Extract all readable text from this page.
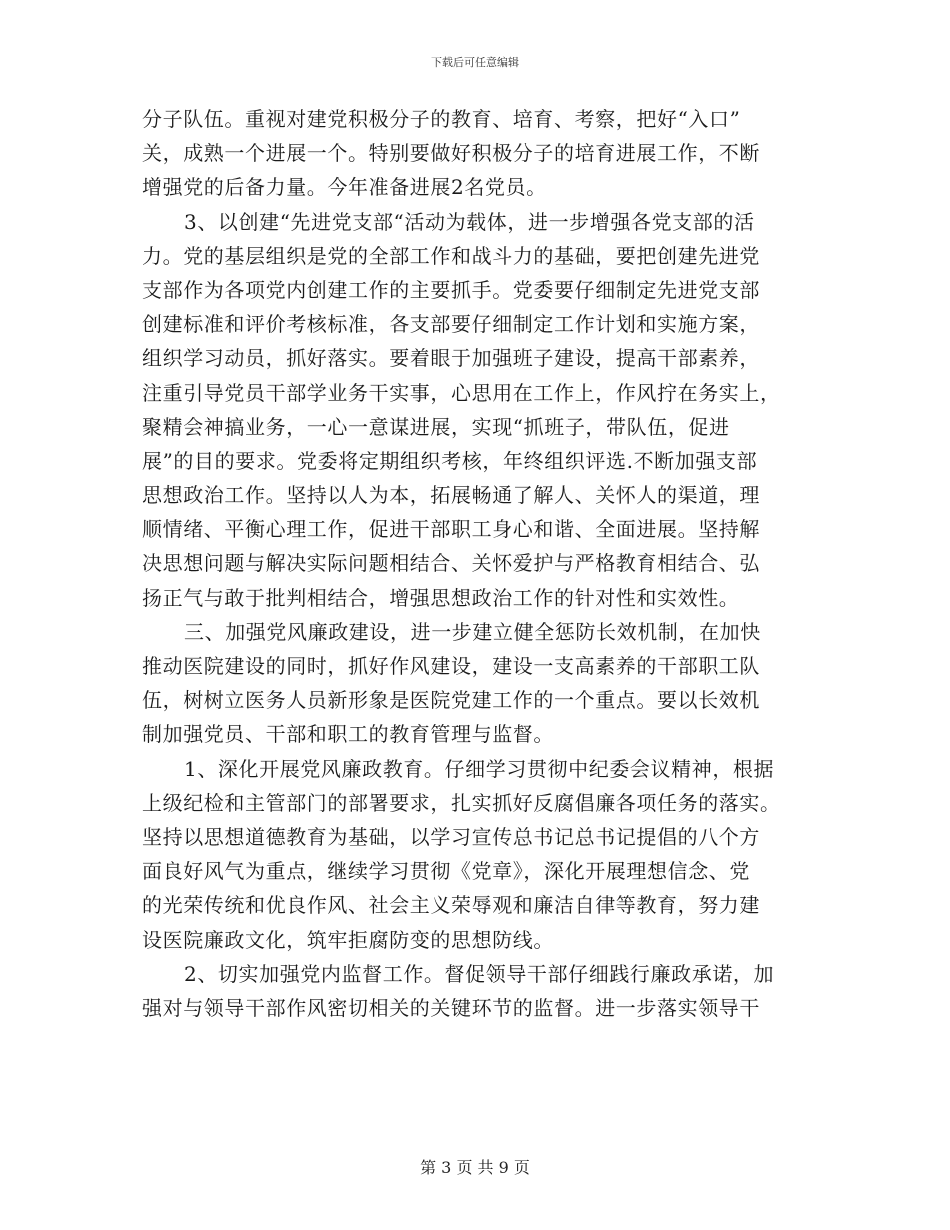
下载后可任意编辑
分子队伍。重视对建党积极分子的教育、培育、考察，把好“入口”
关，成熟一个进展一个。特别要做好积极分子的培育进展工作，不断
增强党的后备力量。今年准备进展2名党员。
3、以创建“先进党支部“活动为载体，进一步增强各党支部的活
力。党的基层组织是党的全部工作和战斗力的基础，要把创建先进党
支部作为各项党内创建工作的主要抓手。党委要仔细制定先进党支部
创建标准和评价考核标准，各支部要仔细制定工作计划和实施方案，
组织学习动员，抓好落实。要着眼于加强班子建设，提高干部素养，
注重引导党员干部学业务干实事，心思用在工作上，作风拧在务实上，
聚精会神搞业务，一心一意谋进展，实现“抓班子，带队伍，促进
展”的目的要求。党委将定期组织考核，年终组织评选.不断加强支部
思想政治工作。坚持以人为本，拓展畅通了解人、关怀人的渠道，理
顺情绪、平衡心理工作，促进干部职工身心和谐、全面进展。坚持解
决思想问题与解决实际问题相结合、关怀爱护与严格教育相结合、弘
扬正气与敢于批判相结合，增强思想政治工作的针对性和实效性。
三、加强党风廉政建设，进一步建立健全惩防长效机制，在加快
推动医院建设的同时，抓好作风建设，建设一支高素养的干部职工队
伍，树树立医务人员新形象是医院党建工作的一个重点。要以长效机
制加强党员、干部和职工的教育管理与监督。
1、深化开展党风廉政教育。仔细学习贯彻中纪委会议精神，根据
上级纪检和主管部门的部署要求，扎实抓好反腐倡廉各项任务的落实。
坚持以思想道德教育为基础，以学习宣传总书记总书记提倡的八个方
面良好风气为重点，继续学习贯彻《党章》，深化开展理想信念、党
的光荣传统和优良作风、社会主义荣辱观和廉洁自律等教育，努力建
设医院廉政文化，筑牢拒腐防变的思想防线。
2、切实加强党内监督工作。督促领导干部仔细践行廉政承诺，加
强对与领导干部作风密切相关的关键环节的监督。进一步落实领导干
第 3 页 共 9 页
